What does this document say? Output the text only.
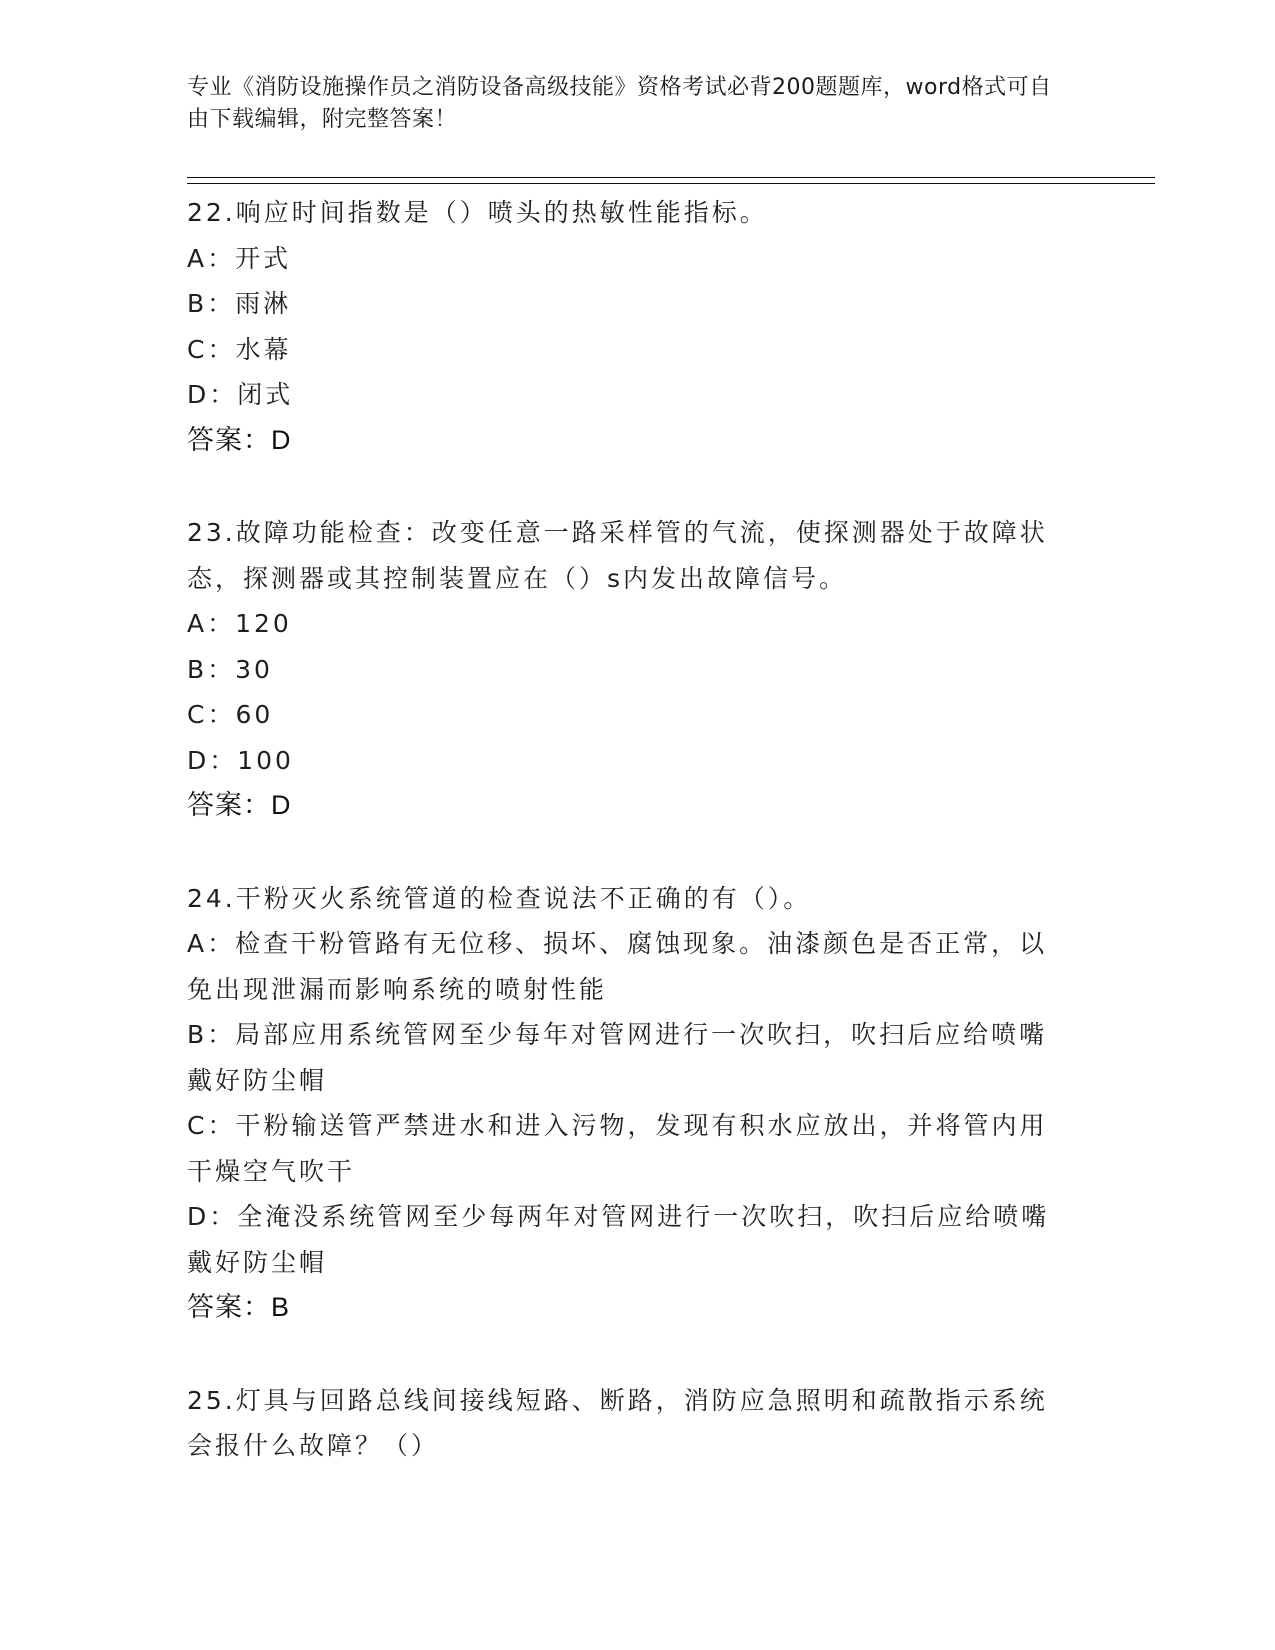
专业《消防设施操作员之消防设备高级技能》资格考试必背200题题库，word格式可自由下载编辑，附完整答案！
22.响应时间指数是（）喷头的热敏性能指标。
A：开式
B：雨淋
C：水幕
D：闭式
答案：D
23.故障功能检查：改变任意一路采样管的气流，使探测器处于故障状
态，探测器或其控制装置应在（）s内发出故障信号。
A：120
B：30
C：60
D：100
答案：D
24.干粉灭火系统管道的检查说法不正确的有（）。
A：检查干粉管路有无位移、损坏、腐蚀现象。油漆颜色是否正常，以
免出现泄漏而影响系统的喷射性能
B：局部应用系统管网至少每年对管网进行一次吹扫，吹扫后应给喷嘴
戴好防尘帽
C：干粉输送管严禁进水和进入污物，发现有积水应放出，并将管内用
干燥空气吹干
D：全淹没系统管网至少每两年对管网进行一次吹扫，吹扫后应给喷嘴
戴好防尘帽
答案：B
25.灯具与回路总线间接线短路、断路，消防应急照明和疏散指示系统
会报什么故障？（）
